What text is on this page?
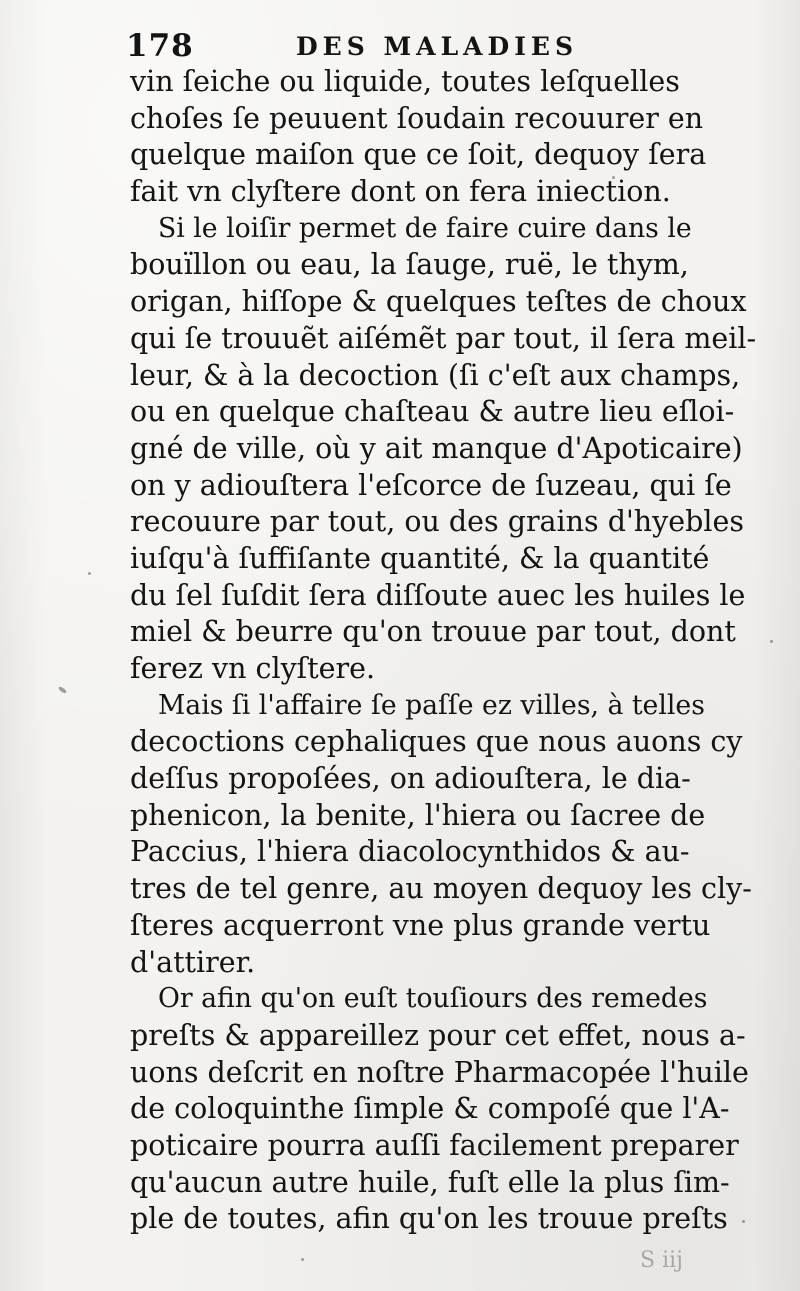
178	DES MALADIES
vin ſeiche ou liquide, toutes leſquelles
choſes ſe peuuent ſoudain recouurer en
quelque maiſon que ce ſoit, dequoy ſera
fait vn clyſtere dont on fera iniection.
Si le loiſir permet de faire cuire dans le
bouïllon ou eau, la ſauge, ruë, le thym,
origan, hiſſope & quelques teſtes de choux
qui ſe trouuẽt aiſémẽt par tout, il ſera meil-
leur, & à la decoction (ſi c'eſt aux champs,
ou en quelque chaſteau & autre lieu eſloi-
gné de ville, où y ait manque d'Apoticaire)
on y adiouſtera l'eſcorce de ſuzeau, qui ſe
recouure par tout, ou des grains d'hyebles
iuſqu'à ſuffiſante quantité, & la quantité
du ſel ſuſdit ſera diſſoute auec les huiles le
miel & beurre qu'on trouue par tout, dont
ferez vn clyſtere.
Mais ſi l'affaire ſe paſſe ez villes, à telles
decoctions cephaliques que nous auons cy
deſſus propoſées, on adiouſtera, le dia-
phenicon, la benite, l'hiera ou ſacree de
Paccius, l'hiera diacolocynthidos & au-
tres de tel genre, au moyen dequoy les cly-
ſteres acquerront vne plus grande vertu
d'attirer.
Or afin qu'on euſt touſiours des remedes
preſts & appareillez pour cet effet, nous a-
uons deſcrit en noſtre Pharmacopée l'huile
de coloquinthe ſimple & compoſé que l'A-
poticaire pourra auſſi facilement preparer
qu'aucun autre huile, fuſt elle la plus ſim-
ple de toutes, afin qu'on les trouue preſts
S iij
